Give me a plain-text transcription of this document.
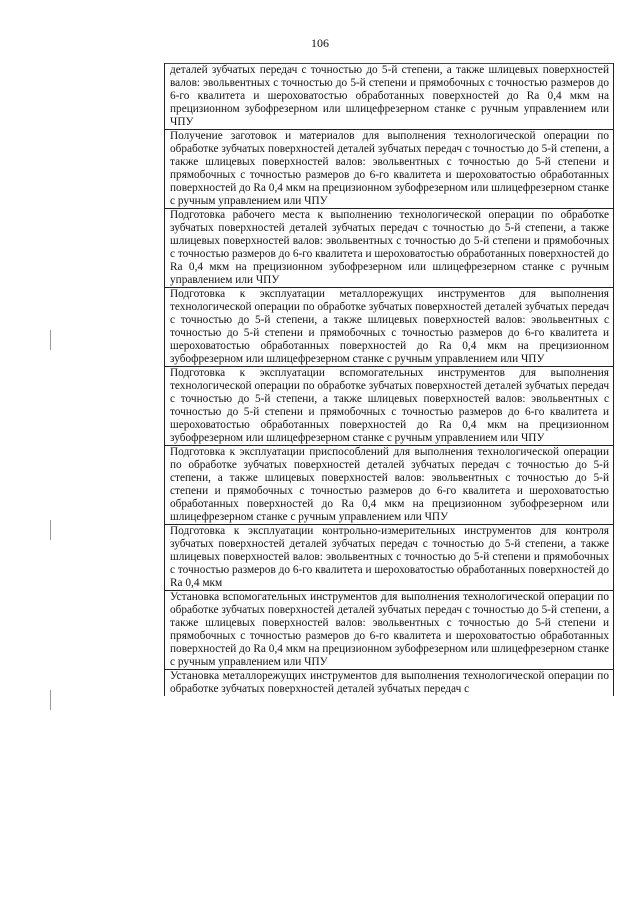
106
деталей зубчатых передач с точностью до 5-й степени, а также шлицевых поверхностей валов: эвольвентных с точностью до 5-й степени и прямобочных с точностью размеров до 6-го квалитета и шероховатостью обработанных поверхностей до Ra 0,4 мкм на прецизионном зубофрезерном или шлицефрезерном станке с ручным управлением или ЧПУ
Получение заготовок и материалов для выполнения технологической операции по обработке зубчатых поверхностей деталей зубчатых передач с точностью до 5-й степени, а также шлицевых поверхностей валов: эвольвентных с точностью до 5-й степени и прямобочных с точностью размеров до 6-го квалитета и шероховатостью обработанных поверхностей до Ra 0,4 мкм на прецизионном зубофрезерном или шлицефрезерном станке с ручным управлением или ЧПУ
Подготовка рабочего места к выполнению технологической операции по обработке зубчатых поверхностей деталей зубчатых передач с точностью до 5-й степени, а также шлицевых поверхностей валов: эвольвентных с точностью до 5-й степени и прямобочных с точностью размеров до 6-го квалитета и шероховатостью обработанных поверхностей до Ra 0,4 мкм на прецизионном зубофрезерном или шлицефрезерном станке с ручным управлением или ЧПУ
Подготовка к эксплуатации металлорежущих инструментов для выполнения технологической операции по обработке зубчатых поверхностей деталей зубчатых передач с точностью до 5-й степени, а также шлицевых поверхностей валов: эвольвентных с точностью до 5-й степени и прямобочных с точностью размеров до 6-го квалитета и шероховатостью обработанных поверхностей до Ra 0,4 мкм на прецизионном зубофрезерном или шлицефрезерном станке с ручным управлением или ЧПУ
Подготовка к эксплуатации вспомогательных инструментов для выполнения технологической операции по обработке зубчатых поверхностей деталей зубчатых передач с точностью до 5-й степени, а также шлицевых поверхностей валов: эвольвентных с точностью до 5-й степени и прямобочных с точностью размеров до 6-го квалитета и шероховатостью обработанных поверхностей до Ra 0,4 мкм на прецизионном зубофрезерном или шлицефрезерном станке с ручным управлением или ЧПУ
Подготовка к эксплуатации приспособлений для выполнения технологической операции по обработке зубчатых поверхностей деталей зубчатых передач с точностью до 5-й степени, а также шлицевых поверхностей валов: эвольвентных с точностью до 5-й степени и прямобочных с точностью размеров до 6-го квалитета и шероховатостью обработанных поверхностей до Ra 0,4 мкм на прецизионном зубофрезерном или шлицефрезерном станке с ручным управлением или ЧПУ
Подготовка к эксплуатации контрольно-измерительных инструментов для контроля зубчатых поверхностей деталей зубчатых передач с точностью до 5-й степени, а также шлицевых поверхностей валов: эвольвентных с точностью до 5-й степени и прямобочных с точностью размеров до 6-го квалитета и шероховатостью обработанных поверхностей до Ra 0,4 мкм
Установка вспомогательных инструментов для выполнения технологической операции по обработке зубчатых поверхностей деталей зубчатых передач с точностью до 5-й степени, а также шлицевых поверхностей валов: эвольвентных с точностью до 5-й степени и прямобочных с точностью размеров до 6-го квалитета и шероховатостью обработанных поверхностей до Ra 0,4 мкм на прецизионном зубофрезерном или шлицефрезерном станке с ручным управлением или ЧПУ
Установка металлорежущих инструментов для выполнения технологической операции по обработке зубчатых поверхностей деталей зубчатых передач с
